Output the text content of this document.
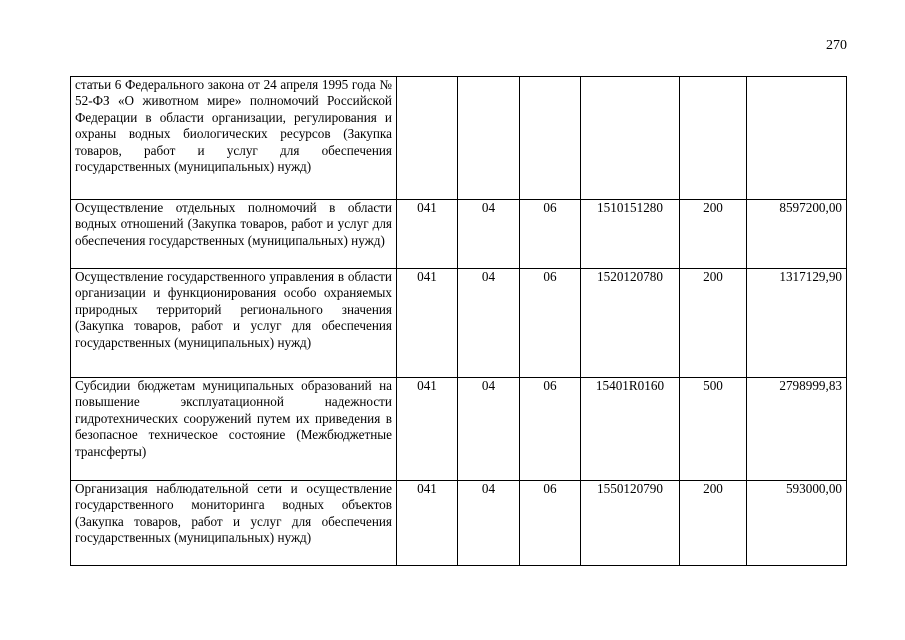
270
статьи 6 Федерального закона от 24 апреля 1995 года № 52-ФЗ «О животном мире» полномочий Российской Федерации в области организации, регулирования и охраны водных биологических ресурсов (Закупка товаров, работ и услуг для обеспечения государственных (муниципальных) нужд)						
Осуществление отдельных полномочий в области водных отношений (Закупка товаров, работ и услуг для обеспечения государственных (муниципальных) нужд)	041	04	06	1510151280	200	8597200,00
Осуществление государственного управления в области организации и функционирования особо охраняемых природных территорий регионального значения (Закупка товаров, работ и услуг для обеспечения государственных (муниципальных) нужд)	041	04	06	1520120780	200	1317129,90
Субсидии бюджетам муниципальных образований на повышение эксплуатационной надежности гидротехнических сооружений путем их приведения в безопасное техническое состояние (Межбюджетные трансферты)	041	04	06	15401R0160	500	2798999,83
Организация наблюдательной сети и осуществление государственного мониторинга водных объектов (Закупка товаров, работ и услуг для обеспечения государственных (муниципальных) нужд)	041	04	06	1550120790	200	593000,00
